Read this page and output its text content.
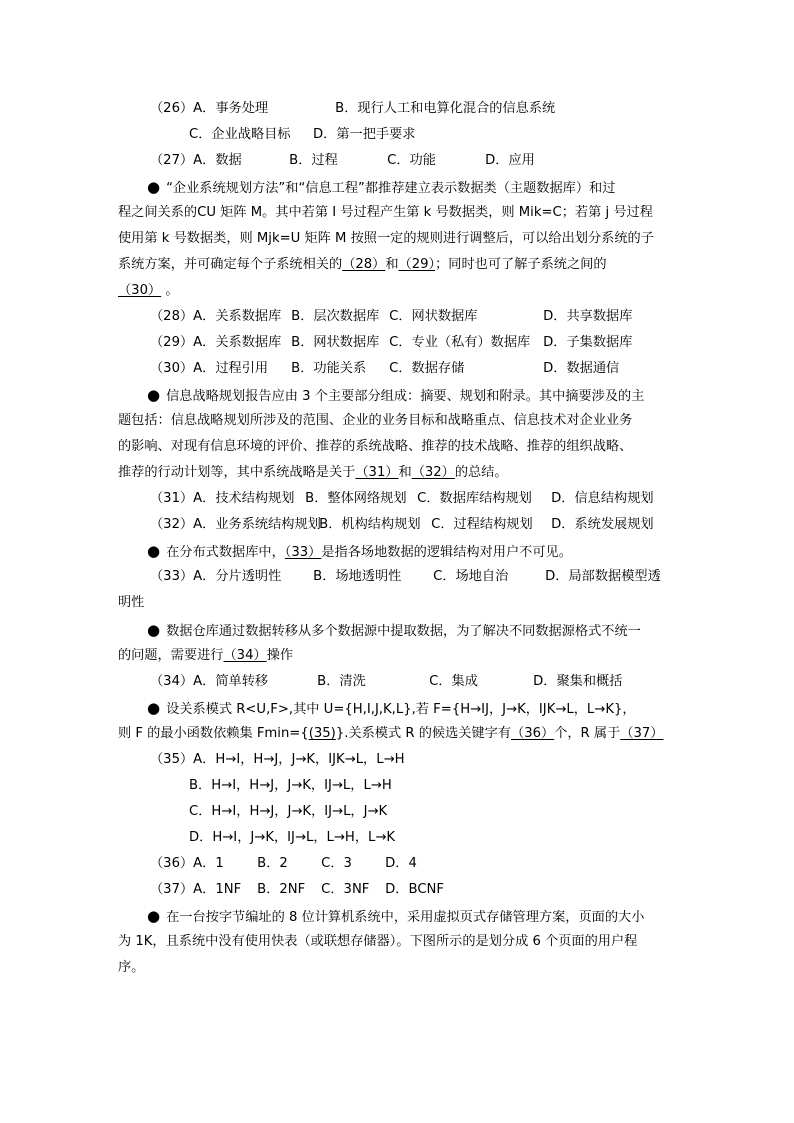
（26）A．事务处理	B．现行人工和电算化混合的信息系统
C．企业战略目标 D．第一把手要求
（27）A．数据	B．过程	C．功能	D．应用
● “企业系统规划方法”和“信息工程”都推荐建立表示数据类（主题数据库）和过
程之间关系的CU 矩阵 M。其中若第 I 号过程产生第 k 号数据类，则 Mik=C；若第 j 号过程
使用第 k 号数据类，则 Mjk=U 矩阵 M 按照一定的规则进行调整后，可以给出划分系统的子
系统方案，并可确定每个子系统相关的（28）和（29）；同时也可了解子系统之间的
（30） 。
（28）A．关系数据库 B．层次数据库 C．网状数据库	D．共享数据库
（29）A．关系数据库 B．网状数据库 C．专业（私有）数据库 D．子集数据库
（30）A．过程引用 B．功能关系 C．数据存储	D．数据通信
● 信息战略规划报告应由 3 个主要部分组成：摘要、规划和附录。其中摘要涉及的主
题包括：信息战略规划所涉及的范围、企业的业务目标和战略重点、信息技术对企业业务
的影响、对现有信息环境的评价、推荐的系统战略、推荐的技术战略、推荐的组织战略、
推荐的行动计划等，其中系统战略是关于（31）和（32）的总结。
（31）A．技术结构规划 B．整体网络规划 C．数据库结构规划 D．信息结构规划
（32）A．业务系统结构规划B．机构结构规划 C．过程结构规划 D．系统发展规划
● 在分布式数据库中，（33）是指各场地数据的逻辑结构对用户不可见。
（33）A．分片透明性 B．场地透明性 C．场地自治	D．局部数据模型透
明性
● 数据仓库通过数据转移从多个数据源中提取数据，为了解决不同数据源格式不统一
的问题，需要进行（34）操作
（34）A．简单转移	B．清洗	C．集成	D．聚集和概括
● 设关系模式 R<U,F>,其中 U={H,I,J,K,L},若 F={H→IJ，J→K，IJK→L，L→K}，
则 F 的最小函数依赖集 Fmin={(35)}.关系模式 R 的候选关键字有（36）个，R 属于（37）
（35）A．H→I，H→J，J→K，IJK→L，L→H
B．H→I，H→J，J→K，IJ→L，L→H
C．H→I，H→J，J→K，IJ→L，J→K
D．H→I，J→K，IJ→L，L→H，L→K
（36）A．1	B．2	C．3	D．4
（37）A．1NF B．2NF C．3NF D．BCNF
● 在一台按字节编址的 8 位计算机系统中，采用虚拟页式存储管理方案，页面的大小
为 1K，且系统中没有使用快表（或联想存储器）。下图所示的是划分成 6 个页面的用户程
序。
